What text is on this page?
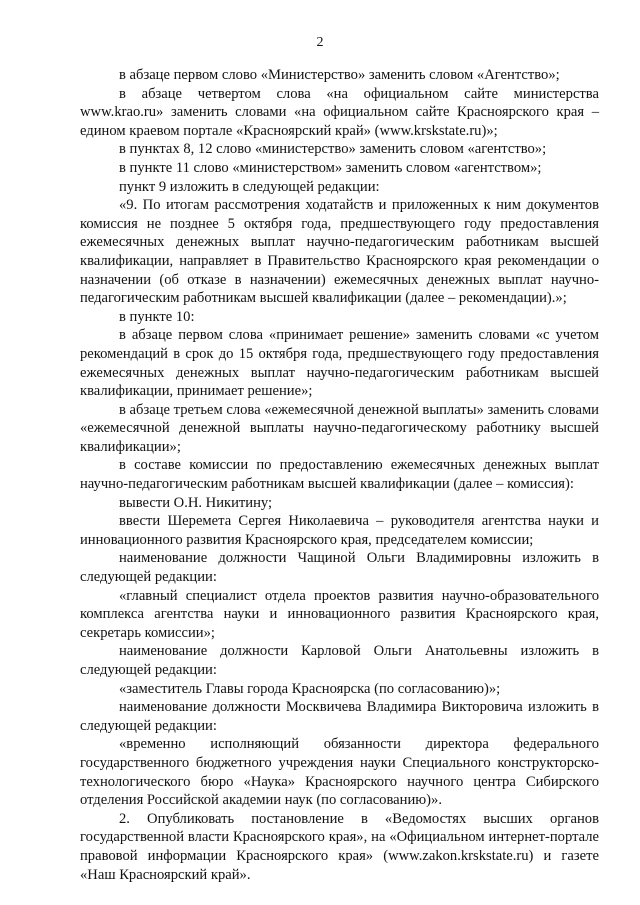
2

в абзаце первом слово «Министерство» заменить словом «Агентство»;

в абзаце четвертом слова «на официальном сайте министерства www.krao.ru» заменить словами «на официальном сайте Красноярского края – едином краевом портале «Красноярский край» (www.krskstate.ru)»;

в пунктах 8, 12 слово «министерство» заменить словом «агентство»;

в пункте 11 слово «министерством» заменить словом «агентством»;

пункт 9 изложить в следующей редакции:

«9. По итогам рассмотрения ходатайств и приложенных к ним документов комиссия не позднее 5 октября года, предшествующего году предоставления ежемесячных денежных выплат научно-педагогическим работникам высшей квалификации, направляет в Правительство Красноярского края рекомендации о назначении (об отказе в назначении) ежемесячных денежных выплат научно-педагогическим работникам высшей квалификации (далее – рекомендации).»;

в пункте 10:

в абзаце первом слова «принимает решение» заменить словами «с учетом рекомендаций в срок до 15 октября года, предшествующего году предоставления ежемесячных денежных выплат научно-педагогическим работникам высшей квалификации, принимает решение»;

в абзаце третьем слова «ежемесячной денежной выплаты» заменить словами «ежемесячной денежной выплаты научно-педагогическому работнику высшей квалификации»;

в составе комиссии по предоставлению ежемесячных денежных выплат научно-педагогическим работникам высшей квалификации (далее – комиссия):

вывести О.Н. Никитину;

ввести Шеремета Сергея Николаевича – руководителя агентства науки и инновационного развития Красноярского края, председателем комиссии;

наименование должности Чащиной Ольги Владимировны изложить в следующей редакции:

«главный специалист отдела проектов развития научно-образовательного комплекса агентства науки и инновационного развития Красноярского края, секретарь комиссии»;

наименование должности Карловой Ольги Анатольевны изложить в следующей редакции:

«заместитель Главы города Красноярска (по согласованию)»;

наименование должности Москвичева Владимира Викторовича изложить в следующей редакции:

«временно исполняющий обязанности директора федерального государственного бюджетного учреждения науки Специального конструкторско-технологического бюро «Наука» Красноярского научного центра Сибирского отделения Российской академии наук (по согласованию)».

2. Опубликовать постановление в «Ведомостях высших органов государственной власти Красноярского края», на «Официальном интернет-портале правовой информации Красноярского края» (www.zakon.krskstate.ru) и газете «Наш Красноярский край».
